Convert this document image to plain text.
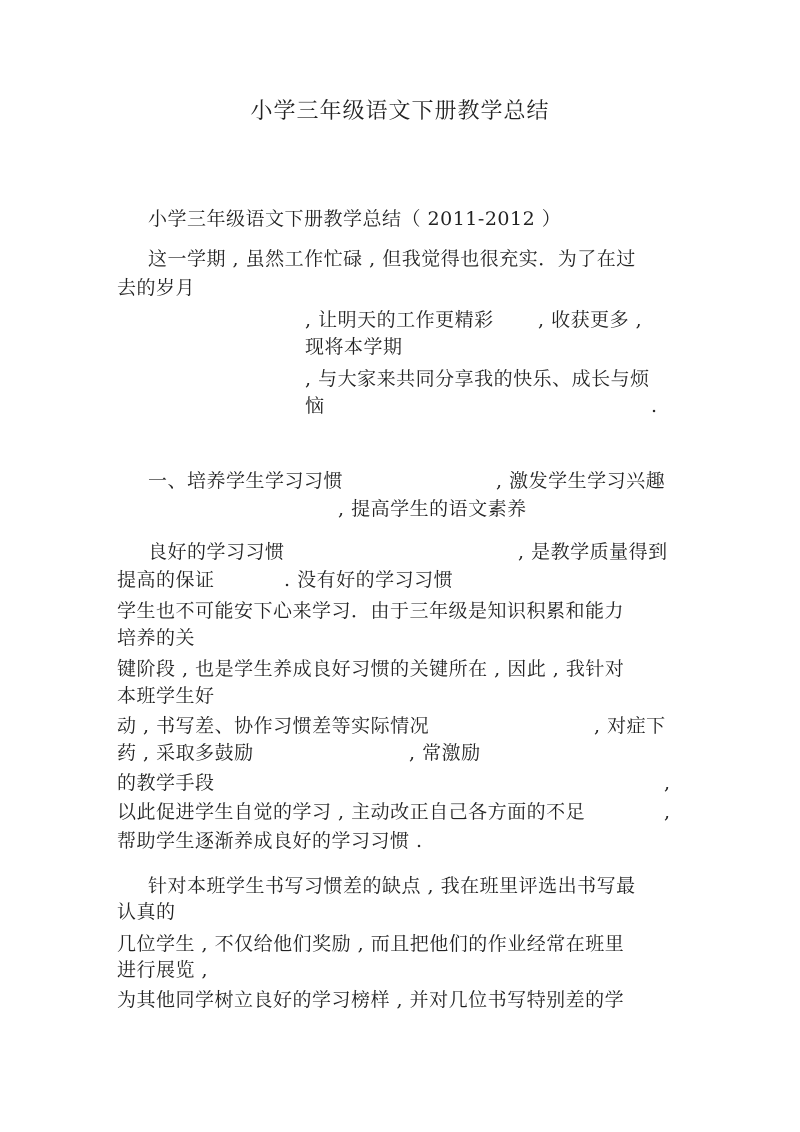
小学三年级语文下册教学总结
小学三年级语文下册教学总结（ 2011-2012 ）
这一学期 , 虽然工作忙碌 , 但我觉得也很充实．为了在过
去的岁月
, 让明天的工作更精彩 , 收获更多 ,
现将本学期
, 与大家来共同分享我的快乐、成长与烦
恼	.
一、培养学生学习习惯	, 激发学生学习兴趣
, 提高学生的语文素养
良好的学习习惯	, 是教学质量得到
提高的保证	. 没有好的学习习惯
学生也不可能安下心来学习．由于三年级是知识积累和能力
培养的关
键阶段 , 也是学生养成良好习惯的关键所在 , 因此 , 我针对
本班学生好
动 , 书写差、协作习惯差等实际情况	, 对症下
药 , 采取多鼓励	, 常激励
的教学手段	,
以此促进学生自觉的学习 , 主动改正自己各方面的不足	,
帮助学生逐渐养成良好的学习习惯 .
针对本班学生书写习惯差的缺点 , 我在班里评选出书写最
认真的
几位学生 , 不仅给他们奖励 , 而且把他们的作业经常在班里
进行展览 ,
为其他同学树立良好的学习榜样 , 并对几位书写特别差的学
